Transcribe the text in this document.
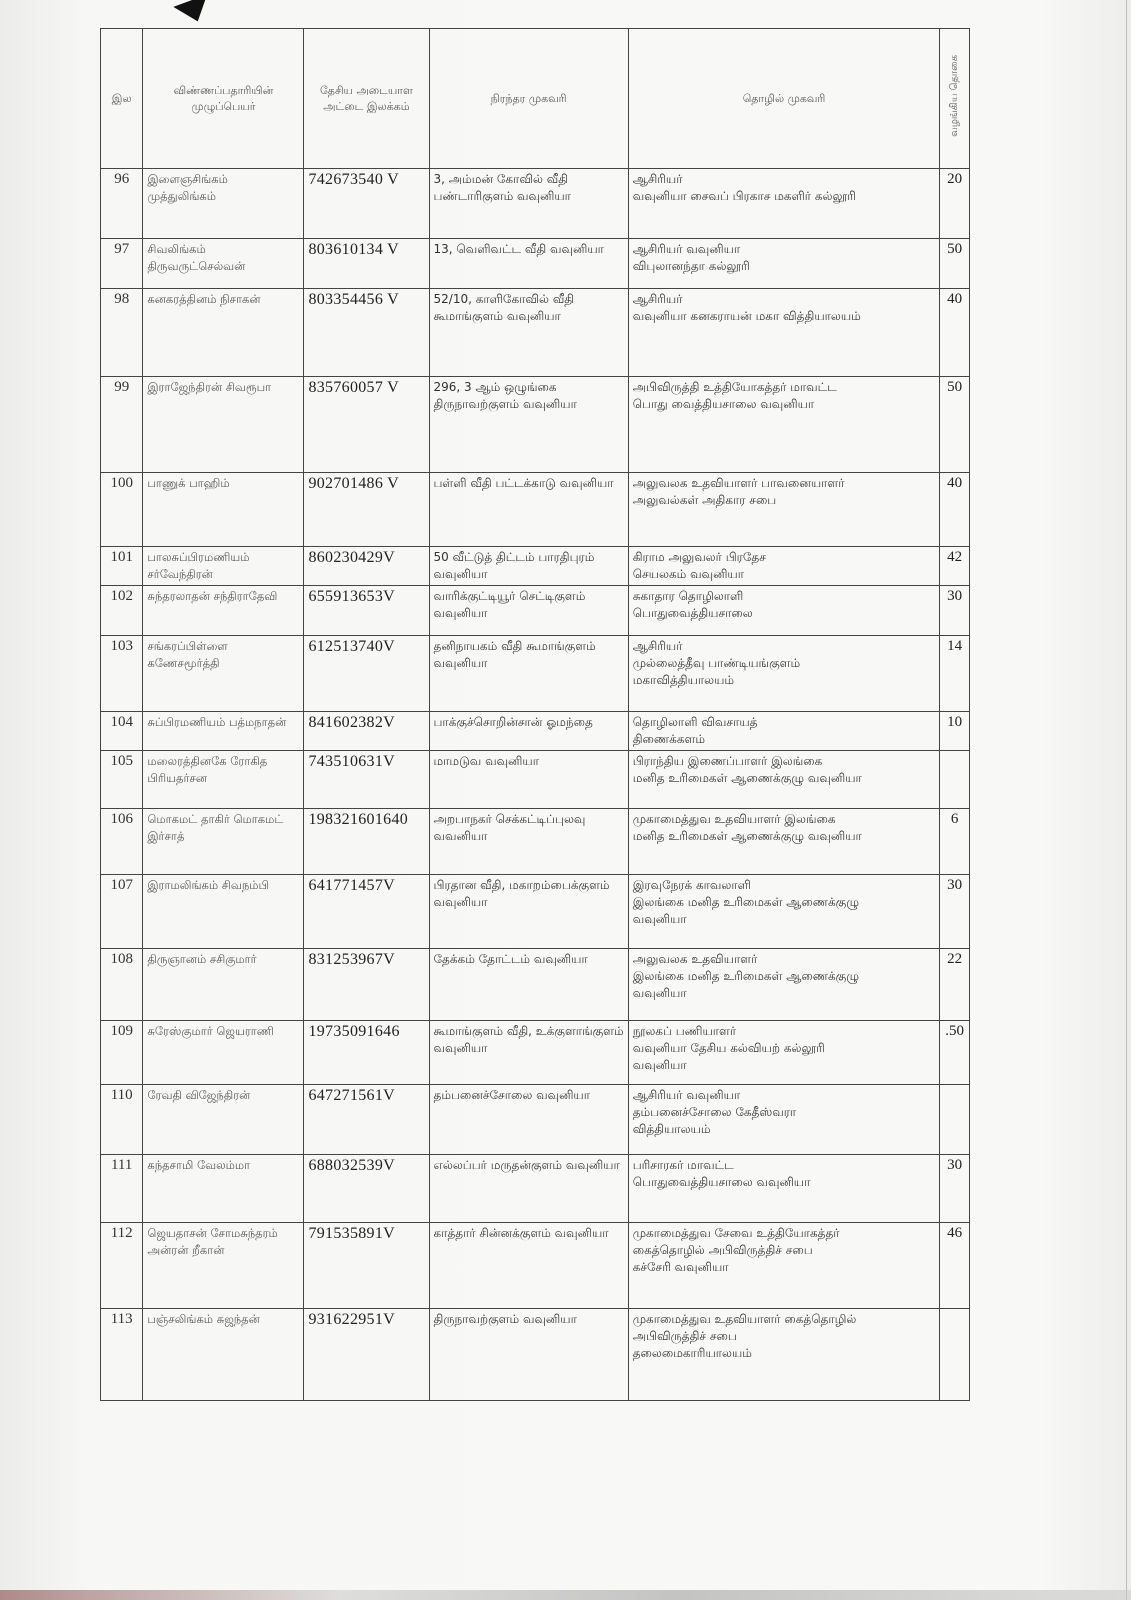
இல	விண்ணப்பதாரியின் முழுப்பெயர்	தேசிய அடையாள அட்டை இலக்கம்	நிரந்தர முகவரி	தொழில் முகவரி	வழங்கிய தொகை

96	இளைஞசிங்கம் முத்துலிங்கம்	742673540 V	3, அம்மன் கோவில் வீதி பண்டாரிகுளம் வவுனியா	ஆசிரியர்
வவுனியா சைவப் பிரகாச மகளிர் கல்லூரி	20

97	சிவலிங்கம் திருவருட்செல்வன்	803610134 V	13, வெளிவட்ட வீதி வவுனியா	ஆசிரியர் வவுனியா
விபுலானந்தா கல்லூரி	50

98	கனகரத்தினம் நிசாகன்	803354456 V	52/10, காளிகோவில் வீதி கூமாங்குளம் வவுனியா	ஆசிரியர்
வவுனியா கனகராயன் மகா வித்தியாலயம்	40

99	இராஜேந்திரன் சிவரூபா	835760057 V	296, 3 ஆம் ஒழுங்கை திருநாவற்குளம் வவுனியா	அபிவிருத்தி உத்தியோகத்தர் மாவட்ட
பொது வைத்தியசாலை வவுனியா	50

100	பாணுக் பாஹிம்	902701486 V	பள்ளி வீதி பட்டக்காடு வவுனியா	அலுவலக உதவியாளர் பாவனையாளர்
அலுவல்கள் அதிகார சபை	40

101	பாலசுப்பிரமணியம் சர்வேந்திரன்	860230429V	50 வீட்டுத் திட்டம் பாரதிபுரம் வவுனியா	கிராம அலுவலர் பிரதேச
செயலகம் வவுனியா	42

102	சுந்தரலாதன் சந்திராதேவி	655913653V	வாரிக்குட்டியூர் செட்டிகுளம் வவுனியா	சுகாதார தொழிலாளி
பொதுவைத்தியசாலை	30

103	சங்கரப்பிள்ளை கணேசமூர்த்தி	612513740V	தனிநாயகம் வீதி கூமாங்குளம் வவுனியா	ஆசிரியர்
முல்லைத்தீவு பாண்டியங்குளம்
மகாவித்தியாலயம்	14

104	சுப்பிரமணியம் பத்மநாதன்	841602382V	பாக்குச்சொறின்சான் ஓமந்தை	தொழிலாளி விவசாயத்
திணைக்களம்	10

105	மலைரத்தினகே ரோகித பிரியதர்சன	743510631V	மாமடுவ வவுனியா	பிராந்திய இணைப்பாளர் இலங்கை
மனித உரிமைகள் ஆணைக்குழு வவுனியா	

106	மொகமட் தாகிர் மொகமட் இர்சாத்	198321601640	அறபாநகர் செக்கட்டிப்புலவு வவனியா	முகாமைத்துவ உதவியாளர் இலங்கை
மனித உரிமைகள் ஆணைக்குழு வவுனியா	6

107	இராமலிங்கம் சிவநம்பி	641771457V	பிரதான வீதி, மகாறம்பைக்குளம் வவுனியா	இரவுநேரக் காவலாளி
இலங்கை மனித உரிமைகள் ஆணைக்குழு
வவுனியா	30

108	திருஞானம் சசிகுமார்	831253967V	தேக்கம் தோட்டம் வவுனியா	அலுவலக உதவியாளர்
இலங்கை மனித உரிமைகள் ஆணைக்குழு
வவுனியா	22

109	சுரேஸ்குமார் ஜெயராணி	19735091646	கூமாங்குளம் வீதி, உக்குளாங்குளம் வவுனியா	நூலகப் பணியாளர்
வவுனியா தேசிய கல்வியற் கல்லூரி
வவுனியா	.50

110	ரேவதி விஜேந்திரன்	647271561V	தம்பனைச்சோலை வவுனியா	ஆசிரியர் வவுனியா
தம்பனைச்சோலை கேதீஸ்வரா
வித்தியாலயம்	

111	கந்தசாமி வேலம்மா	688032539V	எல்லப்பர் மருதன்குளம் வவுனியா	பரிசாரகர் மாவட்ட
பொதுவைத்தியசாலை வவுனியா	30

112	ஜெயதாசன் சோமசுந்தரம் அன்ரன் றீகான்	791535891V	காத்தார் சின்னக்குளம் வவுனியா	முகாமைத்துவ சேவை உத்தியோகத்தர்
கைத்தொழில் அபிவிருத்திச் சபை
கச்சேரி வவுனியா	46

113	பஞ்சலிங்கம் சுஜந்தன்	931622951V	திருநாவற்குளம் வவுனியா	முகாமைத்துவ உதவியாளர் கைத்தொழில்
அபிவிருத்திச் சபை
தலைமைகாரியாலயம்	
